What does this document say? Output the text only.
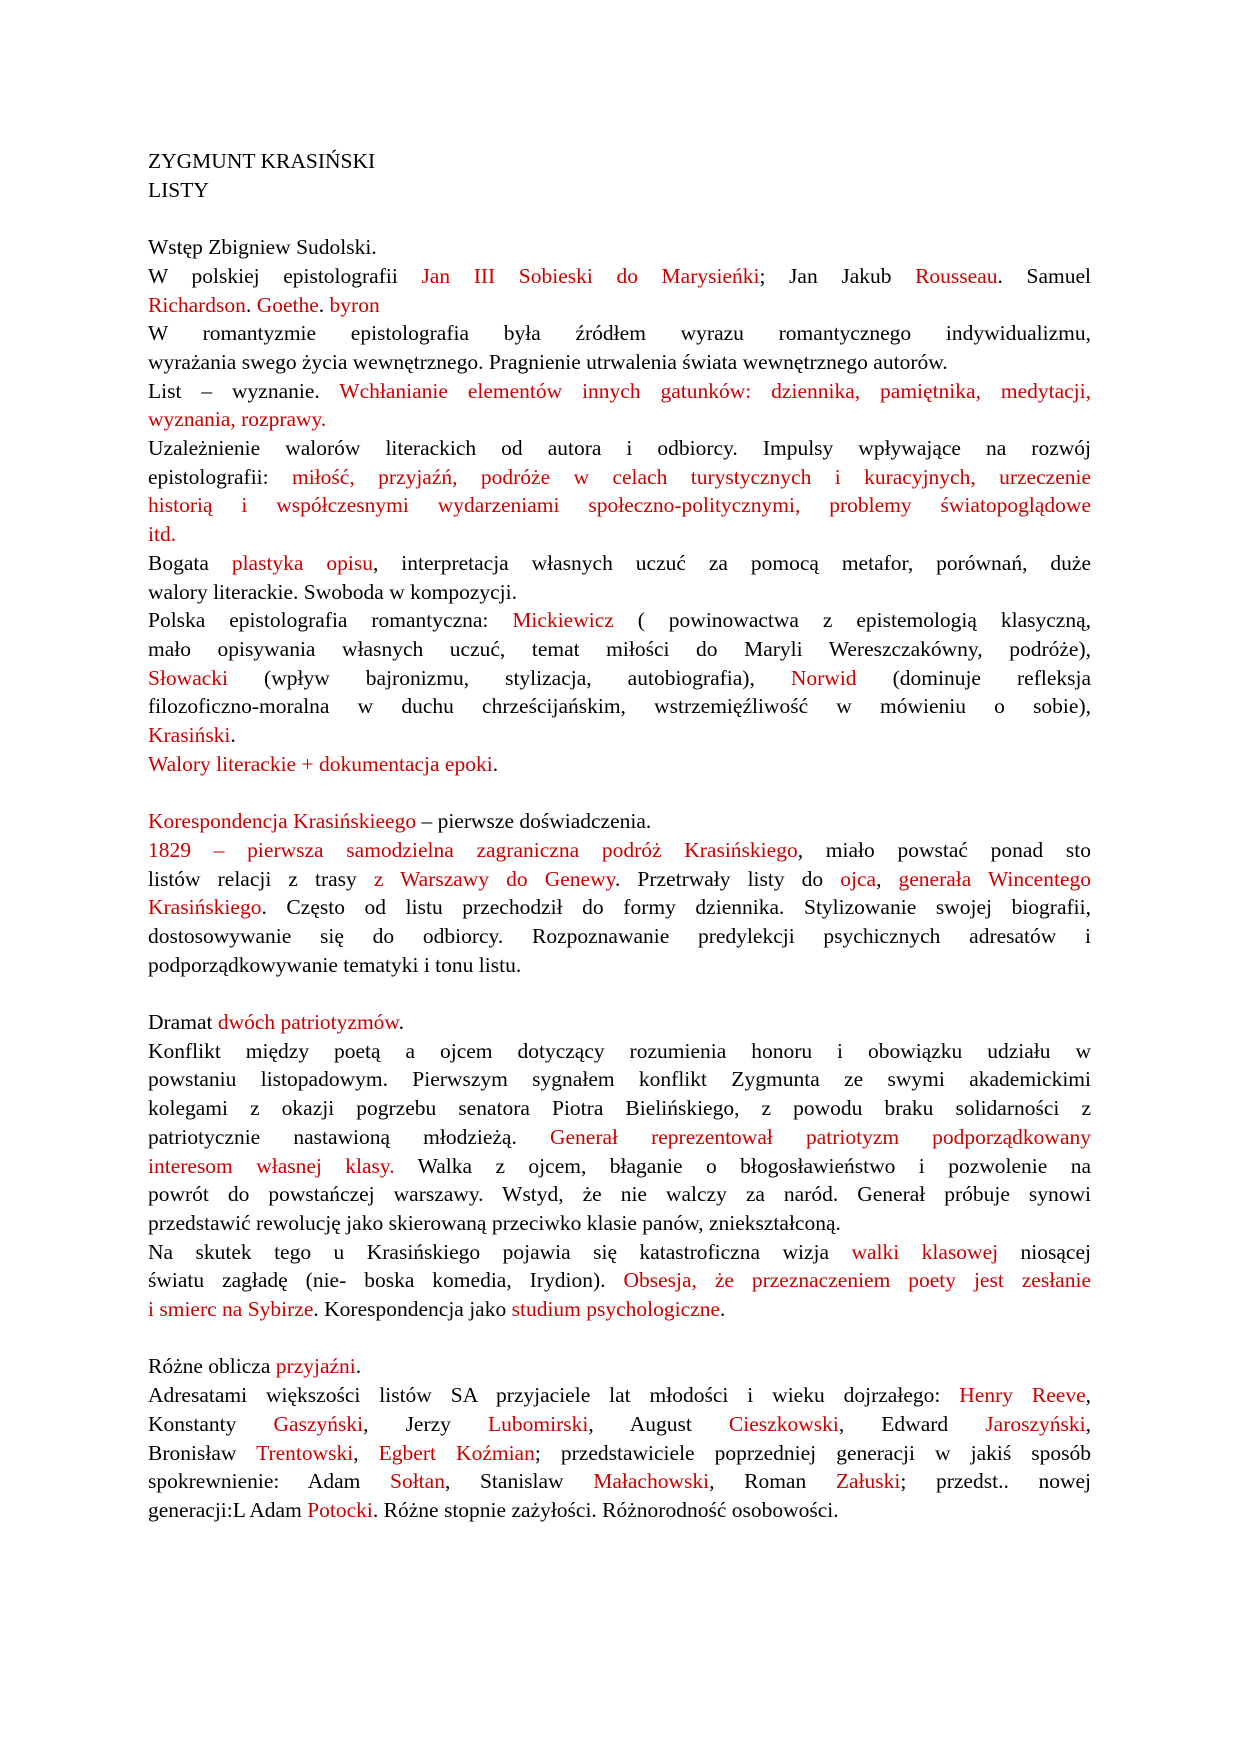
ZYGMUNT KRASIŃSKI
LISTY
Wstęp Zbigniew Sudolski.
W polskiej epistolografii Jan III Sobieski do Marysieńki; Jan Jakub Rousseau. Samuel
Richardson. Goethe. byron
W romantyzmie epistolografia była źródłem wyrazu romantycznego indywidualizmu,
wyrażania swego życia wewnętrznego. Pragnienie utrwalenia świata wewnętrznego autorów.
List – wyznanie. Wchłanianie elementów innych gatunków: dziennika, pamiętnika, medytacji,
wyznania, rozprawy.
Uzależnienie walorów literackich od autora i odbiorcy. Impulsy wpływające na rozwój
epistolografii: miłość, przyjaźń, podróże w celach turystycznych i kuracyjnych, urzeczenie
historią i współczesnymi wydarzeniami społeczno-politycznymi, problemy światopoglądowe
itd.
Bogata plastyka opisu, interpretacja własnych uczuć za pomocą metafor, porównań, duże
walory literackie. Swoboda w kompozycji.
Polska epistolografia romantyczna: Mickiewicz ( powinowactwa z epistemologią klasyczną,
mało opisywania własnych uczuć, temat miłości do Maryli Wereszczakówny, podróże),
Słowacki (wpływ bajronizmu, stylizacja, autobiografia), Norwid (dominuje refleksja
filozoficzno-moralna w duchu chrześcijańskim, wstrzemięźliwość w mówieniu o sobie),
Krasiński.
Walory literackie + dokumentacja epoki.
Korespondencja Krasińskieego – pierwsze doświadczenia.
1829 – pierwsza samodzielna zagraniczna podróż Krasińskiego, miało powstać ponad sto
listów relacji z trasy z Warszawy do Genewy. Przetrwały listy do ojca, generała Wincentego
Krasińskiego. Często od listu przechodził do formy dziennika. Stylizowanie swojej biografii,
dostosowywanie się do odbiorcy. Rozpoznawanie predylekcji psychicznych adresatów i
podporządkowywanie tematyki i tonu listu.
Dramat dwóch patriotyzmów.
Konflikt między poetą a ojcem dotyczący rozumienia honoru i obowiązku udziału w
powstaniu listopadowym. Pierwszym sygnałem konflikt Zygmunta ze swymi akademickimi
kolegami z okazji pogrzebu senatora Piotra Bielińskiego, z powodu braku solidarności z
patriotycznie nastawioną młodzieżą. Generał reprezentował patriotyzm podporządkowany
interesom własnej klasy. Walka z ojcem, błaganie o błogosławieństwo i pozwolenie na
powrót do powstańczej warszawy. Wstyd, że nie walczy za naród. Generał próbuje synowi
przedstawić rewolucję jako skierowaną przeciwko klasie panów, zniekształconą.
Na skutek tego u Krasińskiego pojawia się katastroficzna wizja walki klasowej niosącej
światu zagładę (nie- boska komedia, Irydion). Obsesja, że przeznaczeniem poety jest zesłanie
i smierc na Sybirze. Korespondencja jako studium psychologiczne.
Różne oblicza przyjaźni.
Adresatami większości listów SA przyjaciele lat młodości i wieku dojrzałego: Henry Reeve,
Konstanty Gaszyński, Jerzy Lubomirski, August Cieszkowski, Edward Jaroszyński,
Bronisław Trentowski, Egbert Koźmian; przedstawiciele poprzedniej generacji w jakiś sposób
spokrewnienie: Adam Sołtan, Stanislaw Małachowski, Roman Załuski; przedst.. nowej
generacji:L Adam Potocki. Różne stopnie zażyłości. Różnorodność osobowości.
